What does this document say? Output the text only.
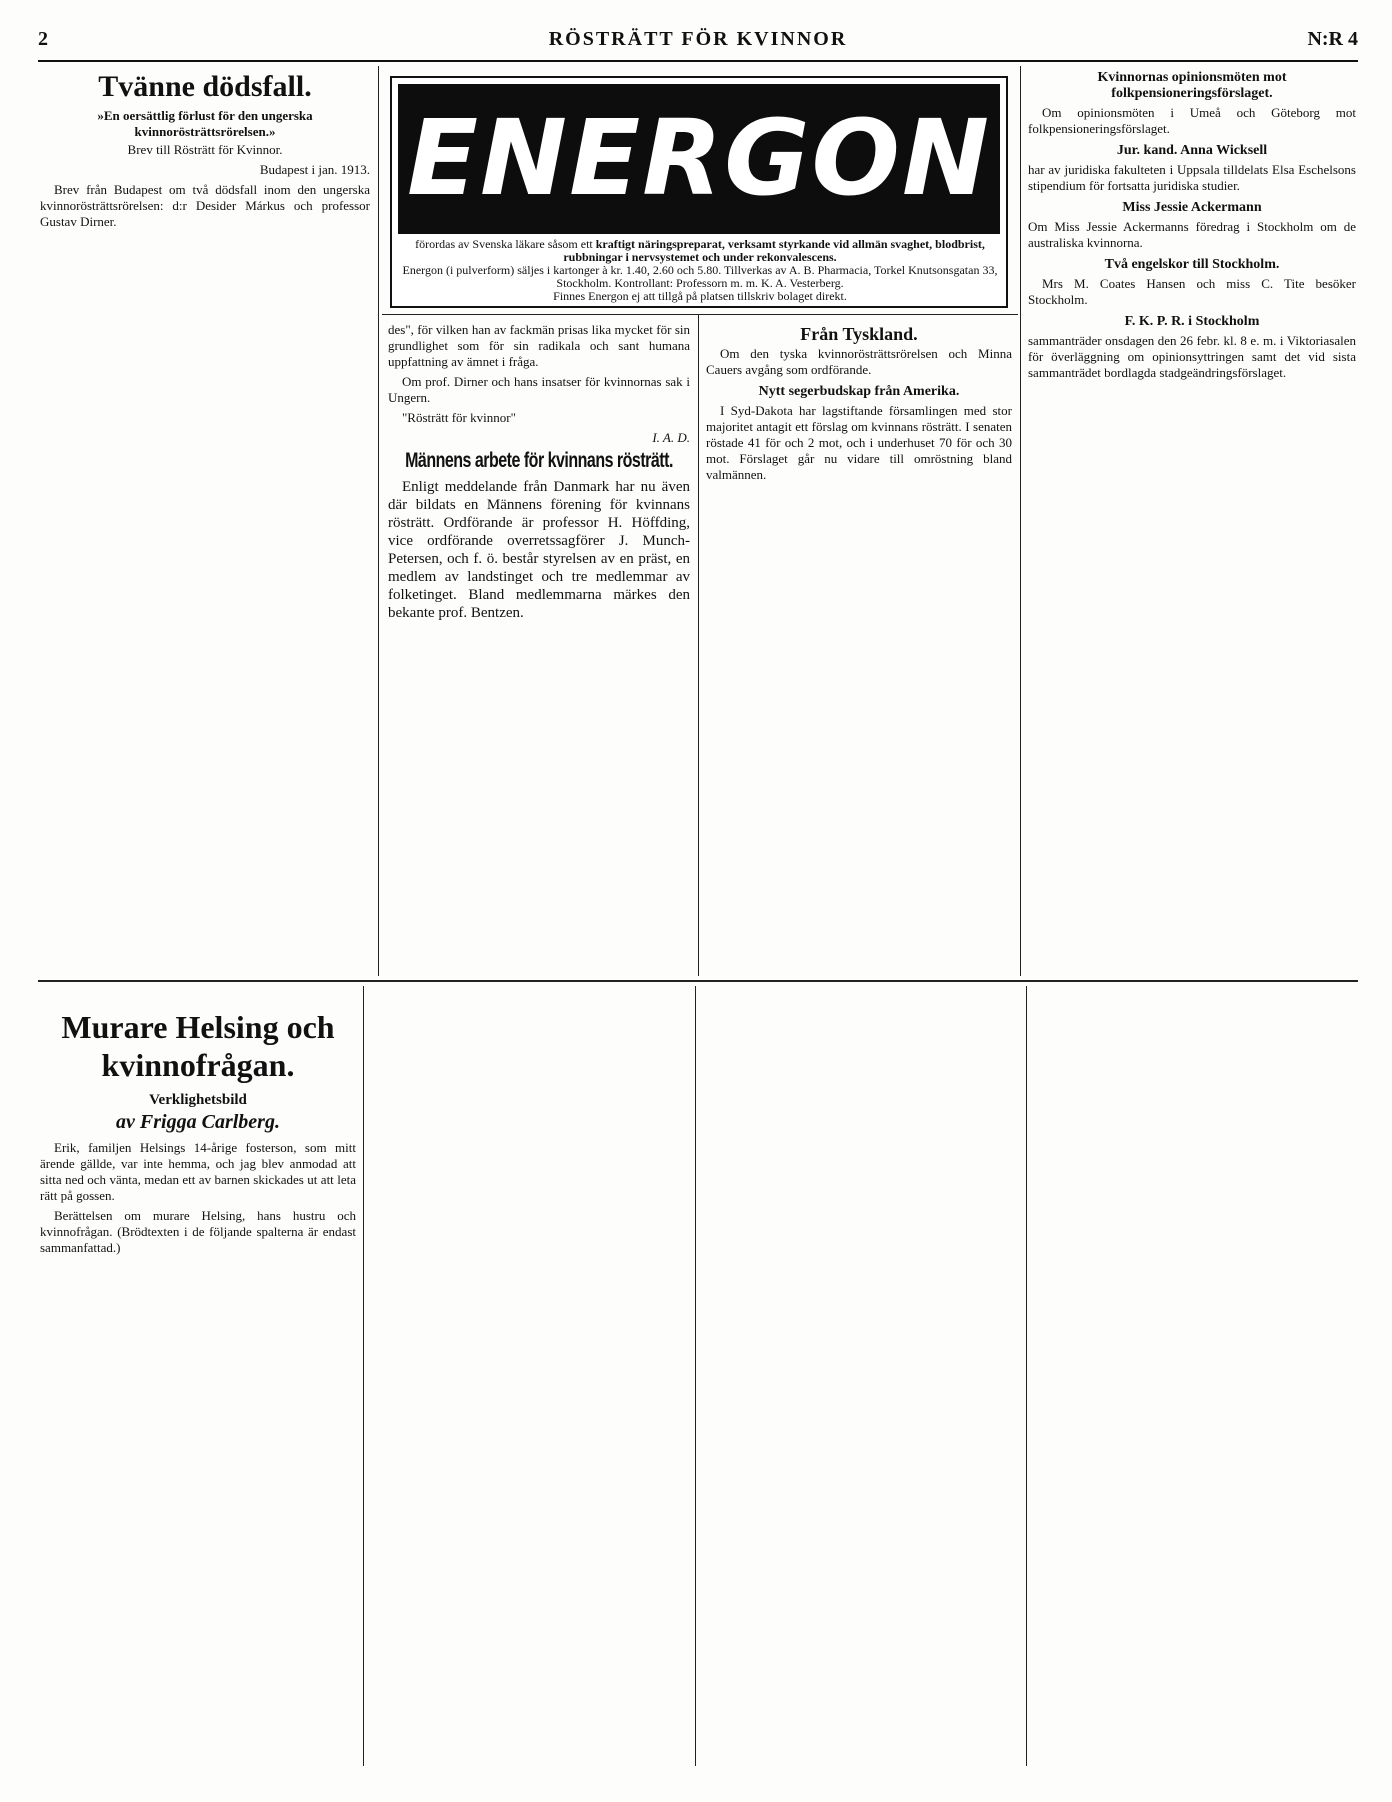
2	RÖSTRÄTT FÖR KVINNOR	N:R 4
Tvänne dödsfall.
»En oersättlig förlust för den ungerska kvinnorösträttsrörelsen.»

Brev till Rösträtt för Kvinnor.

Budapest i jan. 1913.

Brev från Budapest om två dödsfall inom den ungerska kvinnorösträttsrörelsen: d:r Desider Márkus och professor Gustav Dirner.

ENERGON
förordas av Svenska läkare såsom ett kraftigt näringspreparat, verksamt styrkande vid allmän svaghet, blodbrist, rubbningar i nervsystemet och under rekonvalescens.
Energon (i pulverform) säljes i kartonger à kr. 1.40, 2.60 och 5.80. Tillverkas av A. B. Pharmacia, Torkel Knutsonsgatan 33, Stockholm. Kontrollant: Professorn m. m. K. A. Vesterberg.
Finnes Energon ej att tillgå på platsen tillskriv bolaget direkt.

des", för vilken han av fackmän prisas lika mycket för sin grundlighet som för sin radikala och sant humana uppfattning av ämnet i fråga.

Om prof. Dirner och hans insatser för kvinnornas sak i Ungern.

"Rösträtt för kvinnor"

I. A. D.

Männens arbete för kvinnans rösträtt.

Enligt meddelande från Danmark har nu även där bildats en Männens förening för kvinnans rösträtt. Ordförande är professor H. Höffding, vice ordförande overretssagförer J. Munch-Petersen, och f. ö. består styrelsen av en präst, en medlem av landstinget och tre medlemmar av folketinget. Bland medlemmarna märkes den bekante prof. Bentzen.

Från Tyskland.

Om den tyska kvinnorösträttsrörelsen och Minna Cauers avgång som ordförande.

Nytt segerbudskap från Amerika.

I Syd-Dakota har lagstiftande församlingen med stor majoritet antagit ett förslag om kvinnans rösträtt. I senaten röstade 41 för och 2 mot, och i underhuset 70 för och 30 mot. Förslaget går nu vidare till omröstning bland valmännen.

Kvinnornas opinionsmöten mot folkpensioneringsförslaget.

Om opinionsmöten i Umeå och Göteborg mot folkpensioneringsförslaget.

Jur. kand. Anna Wicksell

har av juridiska fakulteten i Uppsala tilldelats Elsa Eschelsons stipendium för fortsatta juridiska studier.

Miss Jessie Ackermann

Om Miss Jessie Ackermanns föredrag i Stockholm om de australiska kvinnorna.

Två engelskor till Stockholm.

Mrs M. Coates Hansen och miss C. Tite besöker Stockholm.

F. K. P. R. i Stockholm

sammanträder onsdagen den 26 febr. kl. 8 e. m. i Viktoriasalen för överläggning om opinionsyttringen samt det vid sista sammanträdet bordlagda stadgeändringsförslaget.

Murare Helsing och kvinnofrågan.
Verklighetsbild
av Frigga Carlberg.

Erik, familjen Helsings 14-årige fosterson, som mitt ärende gällde, var inte hemma, och jag blev anmodad att sitta ned och vänta, medan ett av barnen skickades ut att leta rätt på gossen.

Berättelsen om murare Helsing, hans hustru och kvinnofrågan. (Brödtexten i de följande spalterna är endast sammanfattad.)
